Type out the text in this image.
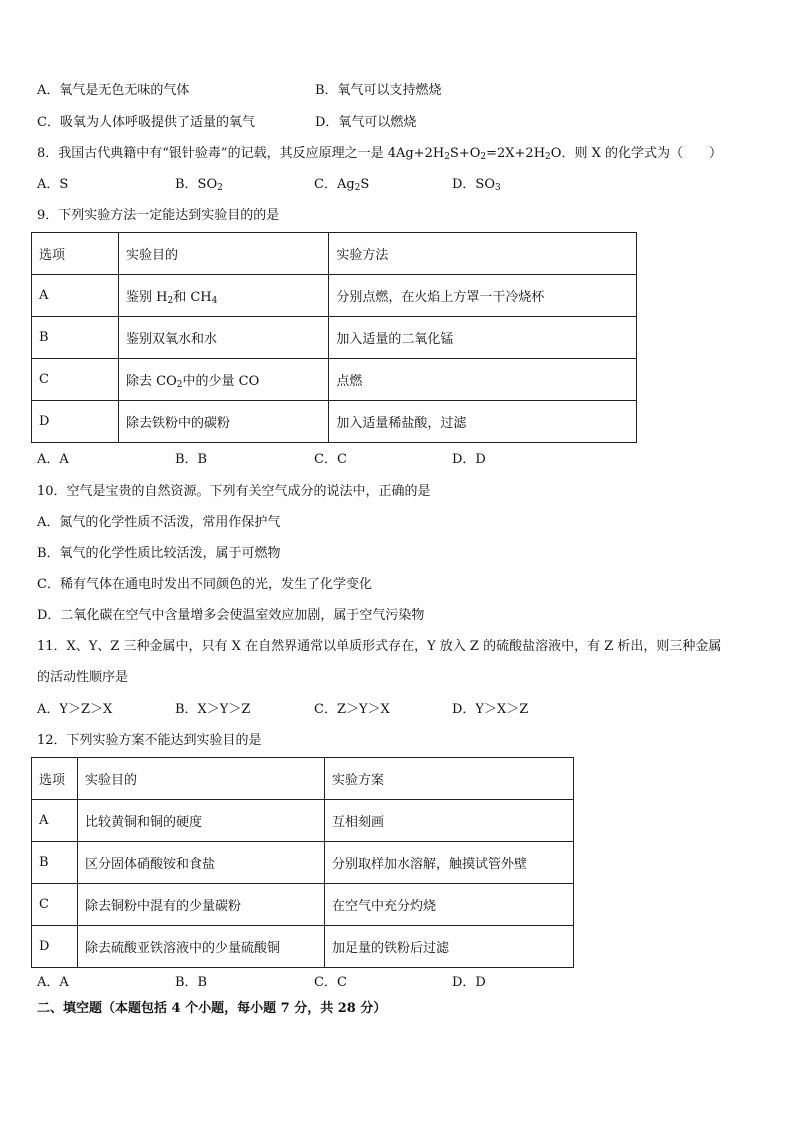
A．氧气是无色无味的气体	B．氧气可以支持燃烧
C．吸氧为人体呼吸提供了适量的氧气	D．氧气可以燃烧
8．我国古代典籍中有“银针验毒”的记载，其反应原理之一是 $4Ag+2H_2S+O_2=2X+2H_2O$．则 X 的化学式为（　　）
A．S	B．$SO_2$	C．$Ag_2S$	D．$SO_3$
9．下列实验方法一定能达到实验目的的是
选项	实验目的	实验方法
A	鉴别 $H_2$和 $CH_4$	分别点燃，在火焰上方罩一干冷烧杯
B	鉴别双氧水和水	加入适量的二氧化锰
C	除去 $CO_2$中的少量 CO	点燃
D	除去铁粉中的碳粉	加入适量稀盐酸，过滤
A．A	B．B	C．C	D．D
10．空气是宝贵的自然资源。下列有关空气成分的说法中，正确的是
A．氮气的化学性质不活泼，常用作保护气
B．氧气的化学性质比较活泼，属于可燃物
C．稀有气体在通电时发出不同颜色的光，发生了化学变化
D．二氧化碳在空气中含量增多会使温室效应加剧，属于空气污染物
11．X、Y、Z 三种金属中，只有 X 在自然界通常以单质形式存在，Y 放入 Z 的硫酸盐溶液中，有 Z 析出，则三种金属
的活动性顺序是
A．Y＞Z＞X	B．X＞Y＞Z	C．Z＞Y＞X	D．Y＞X＞Z
12．下列实验方案不能达到实验目的是
选项	实验目的	实验方案
A	比较黄铜和铜的硬度	互相刻画
B	区分固体硝酸铵和食盐	分别取样加水溶解，触摸试管外壁
C	除去铜粉中混有的少量碳粉	在空气中充分灼烧
D	除去硫酸亚铁溶液中的少量硫酸铜	加足量的铁粉后过滤
A．A	B．B	C．C	D．D
二、填空题（本题包括 4 个小题，每小题 7 分，共 28 分）
